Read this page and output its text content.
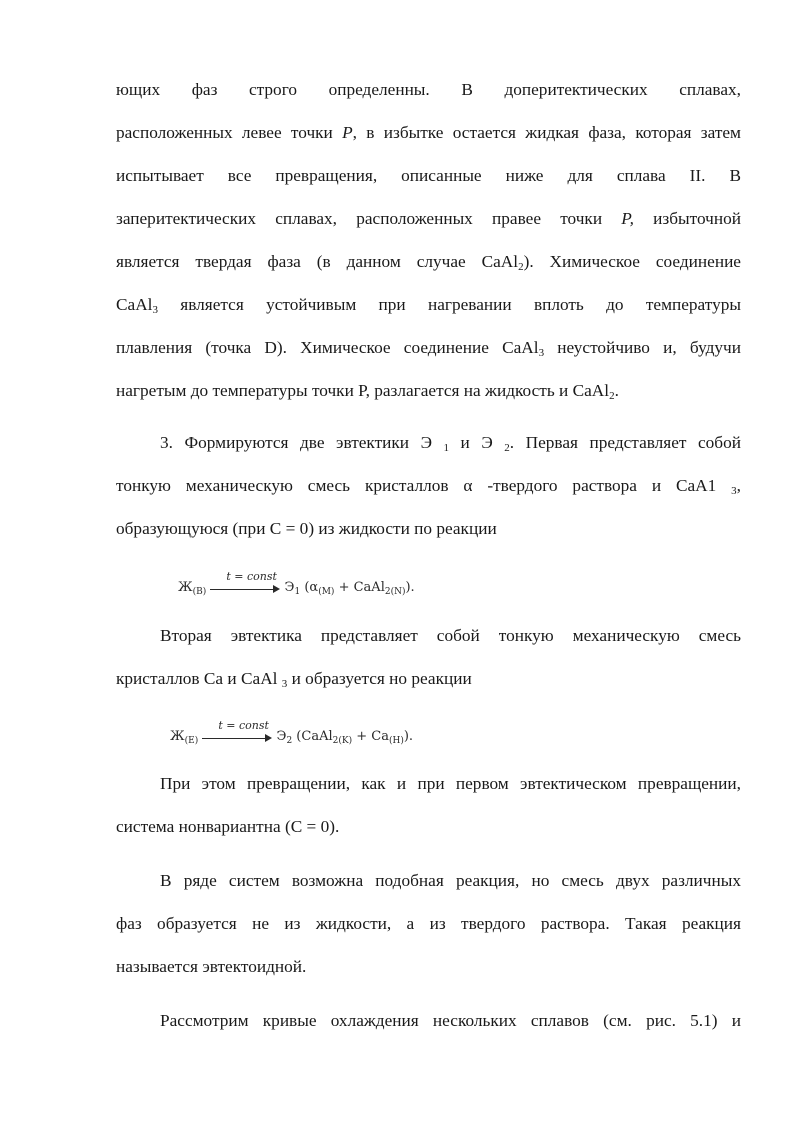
ющих фаз строго определенны. В доперитектических сплавах,
расположенных левее точки P, в избытке остается жидкая фаза, которая затем
испытывает все превращения, описанные ниже для сплава II. В
заперитектических сплавах, расположенных правее точки P, избыточной
является твердая фаза (в данном случае CaAl$_2$). Химическое соединение
CaAl$_3$ является устойчивым при нагревании вплоть до температуры
плавления (точка D). Химическое соединение CaAl$_3$ неустойчиво и, будучи
нагретым до температуры точки Р, разлагается на жидкость и CaAl$_2$.
3. Формируются две эвтектики Э $_1$ и Э $_2$. Первая представляет собой
тонкую механическую смесь кристаллов α -твердого раствора и CaA1 $_3$,
образующуюся (при С = 0) из жидкости по реакции
$Ж_{(B)}$
t = const
$Э_1$ ($\alpha_{(M)}$ + CaAl$_{2(N)}$).
Вторая эвтектика представляет собой тонкую механическую смесь
кристаллов Са и CaAl $_3$ и образуется но реакции
$Ж_{(E)}$
t = const
$Э_2$ (CaAl$_{2(K)}$ + $Ca_{(H)}$).
При этом превращении, как и при первом эвтектическом превращении,
система нонвариантна (С = 0).
В ряде систем возможна подобная реакция, но смесь двух различных
фаз образуется не из жидкости, а из твердого раствора. Такая реакция
называется эвтектоидной.
Рассмотрим кривые охлаждения нескольких сплавов (см. рис. 5.1) и
